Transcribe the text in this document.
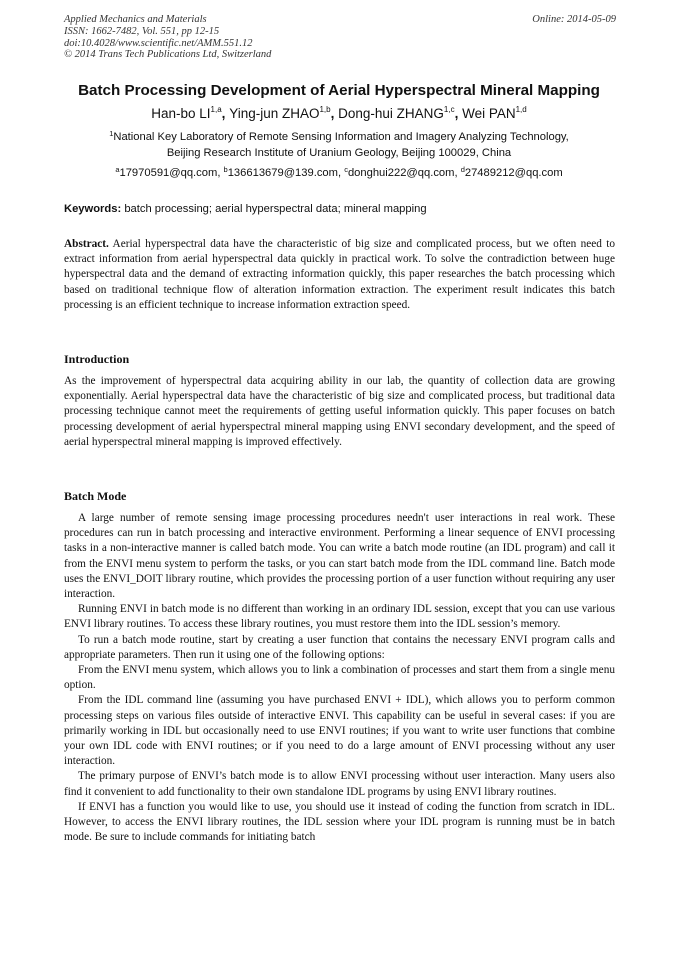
Applied Mechanics and Materials
ISSN: 1662-7482, Vol. 551, pp 12-15
doi:10.4028/www.scientific.net/AMM.551.12
© 2014 Trans Tech Publications Ltd, Switzerland
Online: 2014-05-09
Batch Processing Development of Aerial Hyperspectral Mineral Mapping
Han-bo LI$^{1,a}$, Ying-jun ZHAO$^{1,b}$, Dong-hui ZHANG$^{1,c}$, Wei PAN$^{1,d}$
$^1$National Key Laboratory of Remote Sensing Information and Imagery Analyzing Technology,
Beijing Research Institute of Uranium Geology, Beijing 100029, China
$^a$17970591@qq.com, $^b$136613679@139.com, $^c$donghui222@qq.com, $^d$27489212@qq.com
Keywords: batch processing; aerial hyperspectral data; mineral mapping

Abstract. Aerial hyperspectral data have the characteristic of big size and complicated process, but we often need to extract information from aerial hyperspectral data quickly in practical work. To solve the contradiction between huge hyperspectral data and the demand of extracting information quickly, this paper researches the batch processing which based on traditional technique flow of alteration information extraction. The experiment result indicates this batch processing is an efficient technique to increase information extraction speed.

Introduction

As the improvement of hyperspectral data acquiring ability in our lab, the quantity of collection data are growing exponentially. Aerial hyperspectral data have the characteristic of big size and complicated process, but traditional data processing technique cannot meet the requirements of getting useful information quickly. This paper focuses on batch processing development of aerial hyperspectral mineral mapping using ENVI secondary development, and the speed of aerial hyperspectral mineral mapping is improved effectively.

Batch Mode

A large number of remote sensing image processing procedures needn't user interactions in real work. These procedures can run in batch processing and interactive environment. Performing a linear sequence of ENVI processing tasks in a non-interactive manner is called batch mode. You can write a batch mode routine (an IDL program) and call it from the ENVI menu system to perform the tasks, or you can start batch mode from the IDL command line. Batch mode uses the ENVI_DOIT library routine, which provides the processing portion of a user function without requiring any user interaction.

Running ENVI in batch mode is no different than working in an ordinary IDL session, except that you can use various ENVI library routines. To access these library routines, you must restore them into the IDL session’s memory.

To run a batch mode routine, start by creating a user function that contains the necessary ENVI program calls and appropriate parameters. Then run it using one of the following options:

From the ENVI menu system, which allows you to link a combination of processes and start them from a single menu option.

From the IDL command line (assuming you have purchased ENVI + IDL), which allows you to perform common processing steps on various files outside of interactive ENVI. This capability can be useful in several cases: if you are primarily working in IDL but occasionally need to use ENVI routines; if you want to write user functions that combine your own IDL code with ENVI routines; or if you need to do a large amount of ENVI processing without any user interaction.

The primary purpose of ENVI’s batch mode is to allow ENVI processing without user interaction. Many users also find it convenient to add functionality to their own standalone IDL programs by using ENVI library routines.

If ENVI has a function you would like to use, you should use it instead of coding the function from scratch in IDL. However, to access the ENVI library routines, the IDL session where your IDL program is running must be in batch mode. Be sure to include commands for initiating batch
